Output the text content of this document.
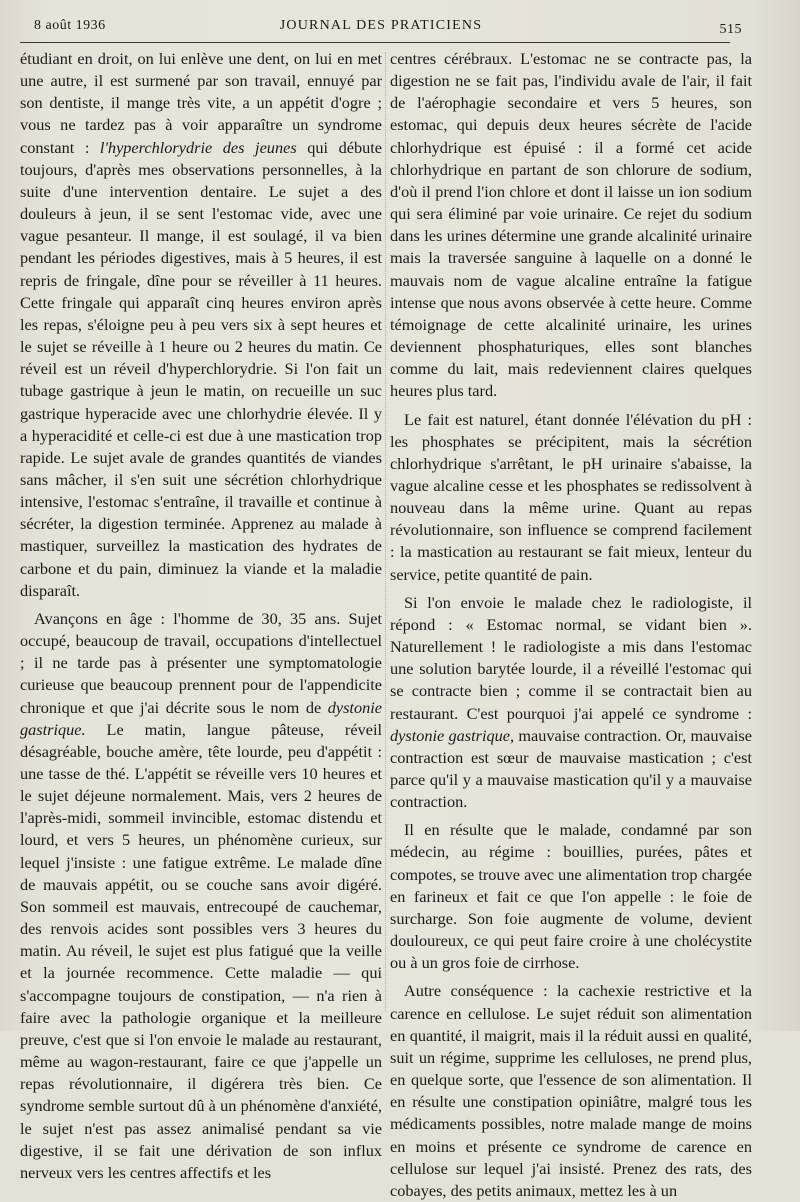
8 août 1936	JOURNAL DES PRATICIENS	515

étudiant en droit, on lui enlève une dent, on lui en met une autre, il est surmené par son travail, ennuyé par son dentiste, il mange très vite, a un appétit d'ogre ; vous ne tardez pas à voir apparaître un syndrome constant : l'hyperchlorydrie des jeunes qui débute toujours, d'après mes observations personnelles, à la suite d'une intervention dentaire. Le sujet a des douleurs à jeun, il se sent l'estomac vide, avec une vague pesanteur. Il mange, il est soulagé, il va bien pendant les périodes digestives, mais à 5 heures, il est repris de fringale, dîne pour se réveiller à 11 heures. Cette fringale qui apparaît cinq heures environ après les repas, s'éloigne peu à peu vers six à sept heures et le sujet se réveille à 1 heure ou 2 heures du matin. Ce réveil est un réveil d'hyperchlorydrie. Si l'on fait un tubage gastrique à jeun le matin, on recueille un suc gastrique hyperacide avec une chlorhydrie élevée. Il y a hyperacidité et celle-ci est due à une mastication trop rapide. Le sujet avale de grandes quantités de viandes sans mâcher, il s'en suit une sécrétion chlorhydrique intensive, l'estomac s'entraîne, il travaille et continue à sécréter, la digestion terminée. Apprenez au malade à mastiquer, surveillez la mastication des hydrates de carbone et du pain, diminuez la viande et la maladie disparaît.

Avançons en âge : l'homme de 30, 35 ans. Sujet occupé, beaucoup de travail, occupations d'intellectuel ; il ne tarde pas à présenter une symptomatologie curieuse que beaucoup prennent pour de l'appendicite chronique et que j'ai décrite sous le nom de dystonie gastrique. Le matin, langue pâteuse, réveil désagréable, bouche amère, tête lourde, peu d'appétit : une tasse de thé. L'appétit se réveille vers 10 heures et le sujet déjeune normalement. Mais, vers 2 heures de l'après-midi, sommeil invincible, estomac distendu et lourd, et vers 5 heures, un phénomène curieux, sur lequel j'insiste : une fatigue extrême. Le malade dîne de mauvais appétit, ou se couche sans avoir digéré. Son sommeil est mauvais, entrecoupé de cauchemar, des renvois acides sont possibles vers 3 heures du matin. Au réveil, le sujet est plus fatigué que la veille et la journée recommence. Cette maladie — qui s'accompagne toujours de constipation, — n'a rien à faire avec la pathologie organique et la meilleure preuve, c'est que si l'on envoie le malade au restaurant, même au wagon-restaurant, faire ce que j'appelle un repas révolutionnaire, il digérera très bien. Ce syndrome semble surtout dû à un phénomène d'anxiété, le sujet n'est pas assez animalisé pendant sa vie digestive, il se fait une dérivation de son influx nerveux vers les centres affectifs et les

centres cérébraux. L'estomac ne se contracte pas, la digestion ne se fait pas, l'individu avale de l'air, il fait de l'aérophagie secondaire et vers 5 heures, son estomac, qui depuis deux heures sécrète de l'acide chlorhydrique est épuisé : il a formé cet acide chlorhydrique en partant de son chlorure de sodium, d'où il prend l'ion chlore et dont il laisse un ion sodium qui sera éliminé par voie urinaire. Ce rejet du sodium dans les urines détermine une grande alcalinité urinaire mais la traversée sanguine à laquelle on a donné le mauvais nom de vague alcaline entraîne la fatigue intense que nous avons observée à cette heure. Comme témoignage de cette alcalinité urinaire, les urines deviennent phosphaturiques, elles sont blanches comme du lait, mais redeviennent claires quelques heures plus tard.

Le fait est naturel, étant donnée l'élévation du pH : les phosphates se précipitent, mais la sécrétion chlorhydrique s'arrêtant, le pH urinaire s'abaisse, la vague alcaline cesse et les phosphates se redissolvent à nouveau dans la même urine. Quant au repas révolutionnaire, son influence se comprend facilement : la mastication au restaurant se fait mieux, lenteur du service, petite quantité de pain.

Si l'on envoie le malade chez le radiologiste, il répond : « Estomac normal, se vidant bien ». Naturellement ! le radiologiste a mis dans l'estomac une solution barytée lourde, il a réveillé l'estomac qui se contracte bien ; comme il se contractait bien au restaurant. C'est pourquoi j'ai appelé ce syndrome : dystonie gastrique, mauvaise contraction. Or, mauvaise contraction est sœur de mauvaise mastication ; c'est parce qu'il y a mauvaise mastication qu'il y a mauvaise contraction.

Il en résulte que le malade, condamné par son médecin, au régime : bouillies, purées, pâtes et compotes, se trouve avec une alimentation trop chargée en farineux et fait ce que l'on appelle : le foie de surcharge. Son foie augmente de volume, devient douloureux, ce qui peut faire croire à une cholécystite ou à un gros foie de cirrhose.

Autre conséquence : la cachexie restrictive et la carence en cellulose. Le sujet réduit son alimentation en quantité, il maigrit, mais il la réduit aussi en qualité, suit un régime, supprime les celluloses, ne prend plus, en quelque sorte, que l'essence de son alimentation. Il en résulte une constipation opiniâtre, malgré tous les médicaments possibles, notre malade mange de moins en moins et présente ce syndrome de carence en cellulose sur lequel j'ai insisté. Prenez des rats, des cobayes, des petits animaux, mettez les à un
